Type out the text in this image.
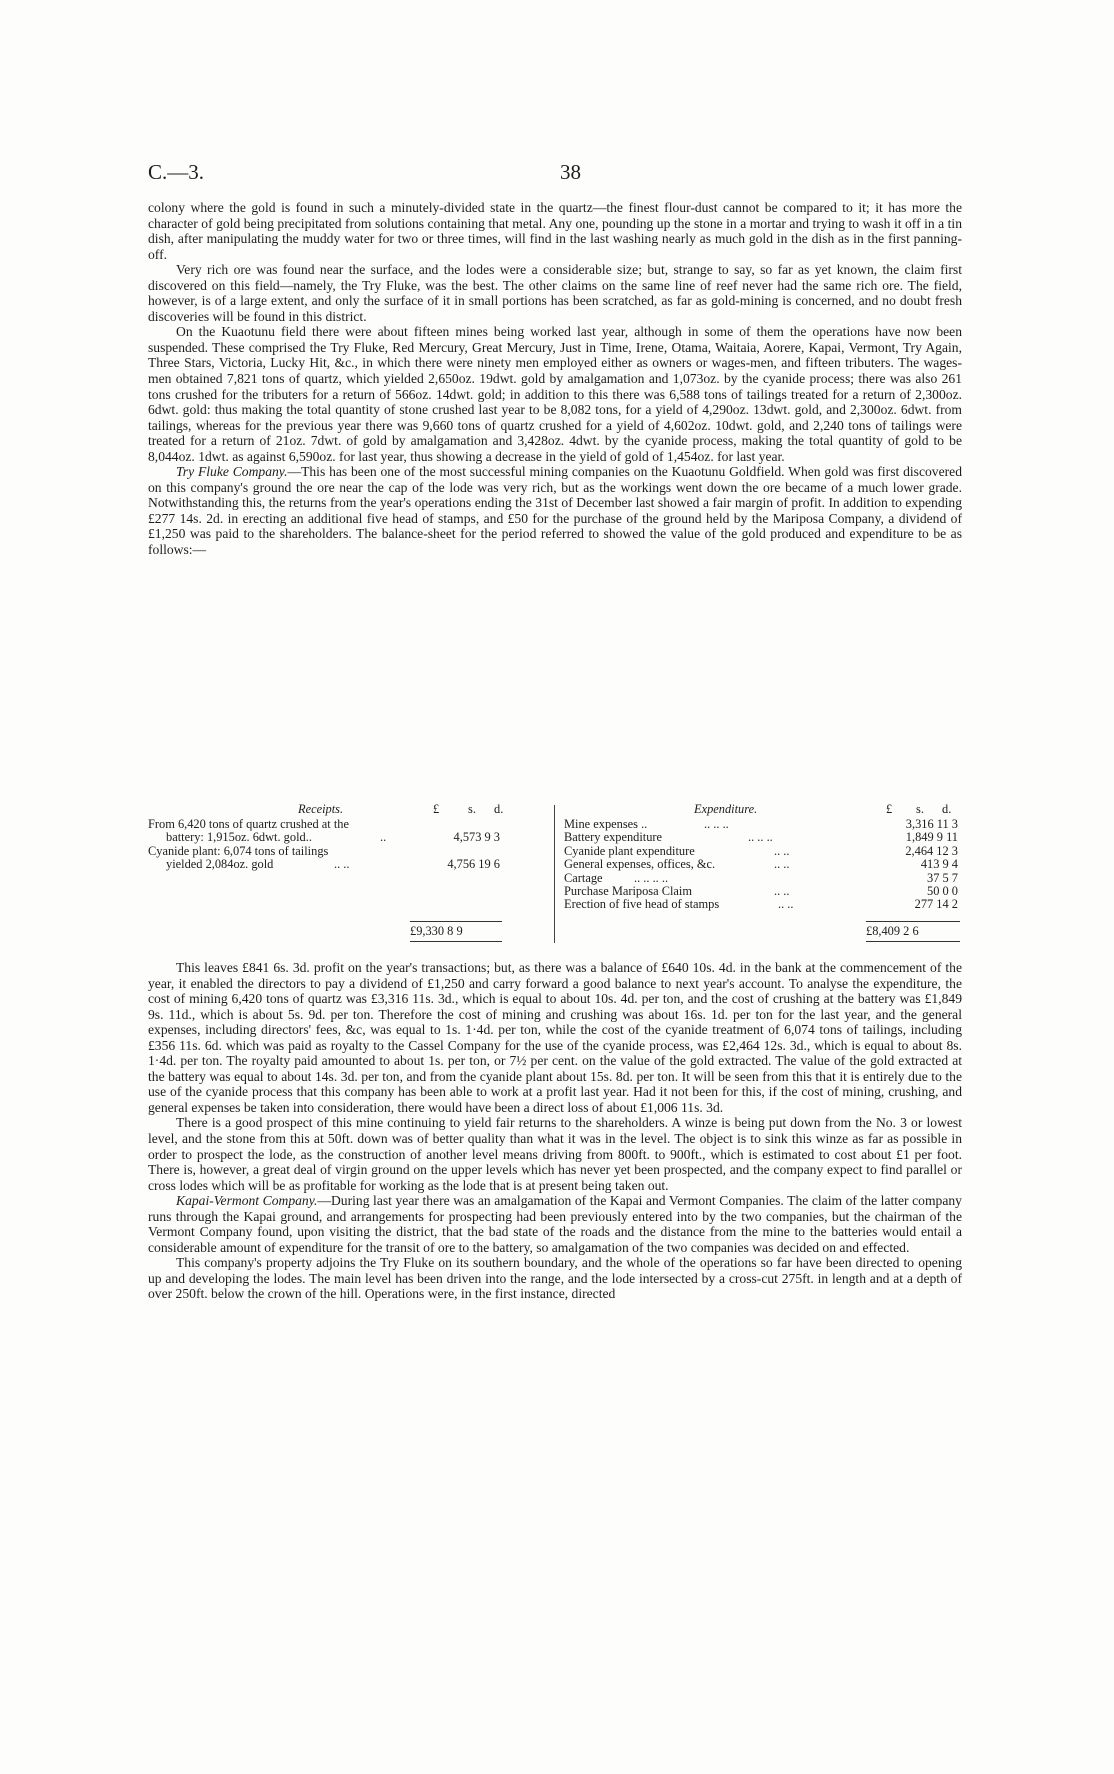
C.—3.	38

colony where the gold is found in such a minutely-divided state in the quartz—the finest flour-dust cannot be compared to it; it has more the character of gold being precipitated from solutions containing that metal. Any one, pounding up the stone in a mortar and trying to wash it off in a tin dish, after manipulating the muddy water for two or three times, will find in the last washing nearly as much gold in the dish as in the first panning-off.

Very rich ore was found near the surface, and the lodes were a considerable size; but, strange to say, so far as yet known, the claim first discovered on this field—namely, the Try Fluke, was the best. The other claims on the same line of reef never had the same rich ore. The field, however, is of a large extent, and only the surface of it in small portions has been scratched, as far as gold-mining is concerned, and no doubt fresh discoveries will be found in this district.

On the Kuaotunu field there were about fifteen mines being worked last year, although in some of them the operations have now been suspended. These comprised the Try Fluke, Red Mercury, Great Mercury, Just in Time, Irene, Otama, Waitaia, Aorere, Kapai, Vermont, Try Again, Three Stars, Victoria, Lucky Hit, &c., in which there were ninety men employed either as owners or wages-men, and fifteen tributers. The wages-men obtained 7,821 tons of quartz, which yielded 2,650oz. 19dwt. gold by amalgamation and 1,073oz. by the cyanide process; there was also 261 tons crushed for the tributers for a return of 566oz. 14dwt. gold; in addition to this there was 6,588 tons of tailings treated for a return of 2,300oz. 6dwt. gold: thus making the total quantity of stone crushed last year to be 8,082 tons, for a yield of 4,290oz. 13dwt. gold, and 2,300oz. 6dwt. from tailings, whereas for the previous year there was 9,660 tons of quartz crushed for a yield of 4,602oz. 10dwt. gold, and 2,240 tons of tailings were treated for a return of 21oz. 7dwt. of gold by amalgamation and 3,428oz. 4dwt. by the cyanide process, making the total quantity of gold to be 8,044oz. 1dwt. as against 6,590oz. for last year, thus showing a decrease in the yield of gold of 1,454oz. for last year.

Try Fluke Company.—This has been one of the most successful mining companies on the Kuaotunu Goldfield. When gold was first discovered on this company's ground the ore near the cap of the lode was very rich, but as the workings went down the ore became of a much lower grade. Notwithstanding this, the returns from the year's operations ending the 31st of December last showed a fair margin of profit. In addition to expending £277 14s. 2d. in erecting an additional five head of stamps, and £50 for the purchase of the ground held by the Mariposa Company, a dividend of £1,250 was paid to the shareholders. The balance-sheet for the period referred to showed the value of the gold produced and expenditure to be as follows:—

Receipts.	£ s. d.
From 6,420 tons of quartz crushed at the
battery: 1,915oz. 6dwt. gold..	..	4,573 9 3
Cyanide plant: 6,074 tons of tailings
yielded 2,084oz. gold	.. ..	4,756 19 6
£9,330 8 9
Expenditure.	£ s. d.
Mine expenses ..	.. .. ..	3,316 11 3
Battery expenditure	.. .. ..	1,849 9 11
Cyanide plant expenditure	.. ..	2,464 12 3
General expenses, offices, &c.	.. ..	413 9 4
Cartage	.. .. .. ..	37 5 7
Purchase Mariposa Claim	.. ..	50 0 0
Erection of five head of stamps	.. ..	277 14 2
£8,409 2 6

This leaves £841 6s. 3d. profit on the year's transactions; but, as there was a balance of £640 10s. 4d. in the bank at the commencement of the year, it enabled the directors to pay a dividend of £1,250 and carry forward a good balance to next year's account. To analyse the expenditure, the cost of mining 6,420 tons of quartz was £3,316 11s. 3d., which is equal to about 10s. 4d. per ton, and the cost of crushing at the battery was £1,849 9s. 11d., which is about 5s. 9d. per ton. Therefore the cost of mining and crushing was about 16s. 1d. per ton for the last year, and the general expenses, including directors' fees, &c, was equal to 1s. 1·4d. per ton, while the cost of the cyanide treatment of 6,074 tons of tailings, including £356 11s. 6d. which was paid as royalty to the Cassel Company for the use of the cyanide process, was £2,464 12s. 3d., which is equal to about 8s. 1·4d. per ton. The royalty paid amounted to about 1s. per ton, or 7½ per cent. on the value of the gold extracted. The value of the gold extracted at the battery was equal to about 14s. 3d. per ton, and from the cyanide plant about 15s. 8d. per ton. It will be seen from this that it is entirely due to the use of the cyanide process that this company has been able to work at a profit last year. Had it not been for this, if the cost of mining, crushing, and general expenses be taken into consideration, there would have been a direct loss of about £1,006 11s. 3d.

There is a good prospect of this mine continuing to yield fair returns to the shareholders. A winze is being put down from the No. 3 or lowest level, and the stone from this at 50ft. down was of better quality than what it was in the level. The object is to sink this winze as far as possible in order to prospect the lode, as the construction of another level means driving from 800ft. to 900ft., which is estimated to cost about £1 per foot. There is, however, a great deal of virgin ground on the upper levels which has never yet been prospected, and the company expect to find parallel or cross lodes which will be as profitable for working as the lode that is at present being taken out.

Kapai-Vermont Company.—During last year there was an amalgamation of the Kapai and Vermont Companies. The claim of the latter company runs through the Kapai ground, and arrangements for prospecting had been previously entered into by the two companies, but the chairman of the Vermont Company found, upon visiting the district, that the bad state of the roads and the distance from the mine to the batteries would entail a considerable amount of expenditure for the transit of ore to the battery, so amalgamation of the two companies was decided on and effected.

This company's property adjoins the Try Fluke on its southern boundary, and the whole of the operations so far have been directed to opening up and developing the lodes. The main level has been driven into the range, and the lode intersected by a cross-cut 275ft. in length and at a depth of over 250ft. below the crown of the hill. Operations were, in the first instance, directed
